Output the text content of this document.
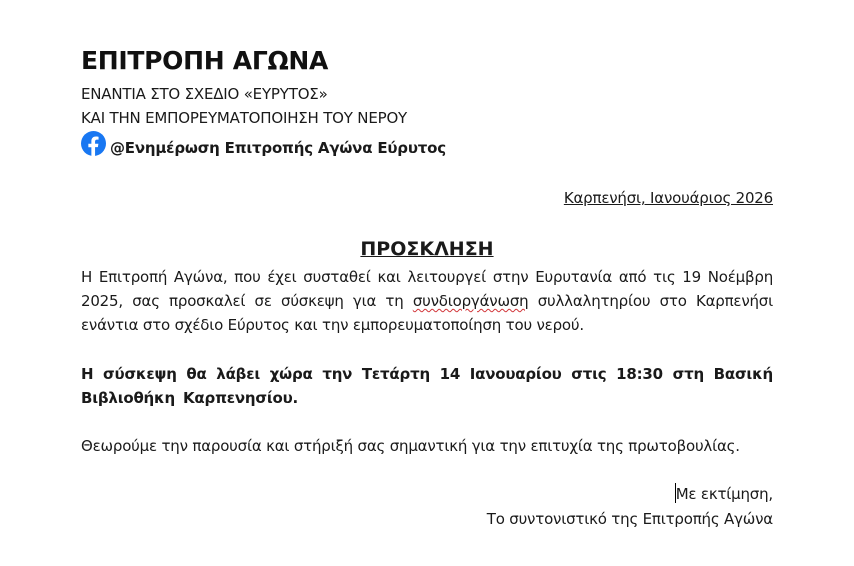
ΕΠΙΤΡΟΠΗ ΑΓΩΝΑ

ΕΝΑΝΤΙΑ ΣΤΟ ΣΧΕΔΙΟ «ΕΥΡΥΤΟΣ»

ΚΑΙ ΤΗΝ ΕΜΠΟΡΕΥΜΑΤΟΠΟΙΗΣΗ ΤΟΥ ΝΕΡΟΥ

@Ενημέρωση Επιτροπής Αγώνα Εύρυτος

Καρπενήσι, Ιανουάριος 2026

ΠΡΟΣΚΛΗΣΗ

Η Επιτροπή Αγώνα, που έχει συσταθεί και λειτουργεί στην Ευρυτανία από τις 19 Νοέμβρη 2025, σας προσκαλεί σε σύσκεψη για τη συνδιοργάνωση συλλαλητηρίου στο Καρπενήσι ενάντια στο σχέδιο Εύρυτος και την εμπορευματοποίηση του νερού.

Η σύσκεψη θα λάβει χώρα την Τετάρτη 14 Ιανουαρίου στις 18:30 στη Βασική Βιβλιοθήκη Καρπενησίου.

Θεωρούμε την παρουσία και στήριξή σας σημαντική για την επιτυχία της πρωτοβουλίας.

Με εκτίμηση,

Το συντονιστικό της Επιτροπής Αγώνα
